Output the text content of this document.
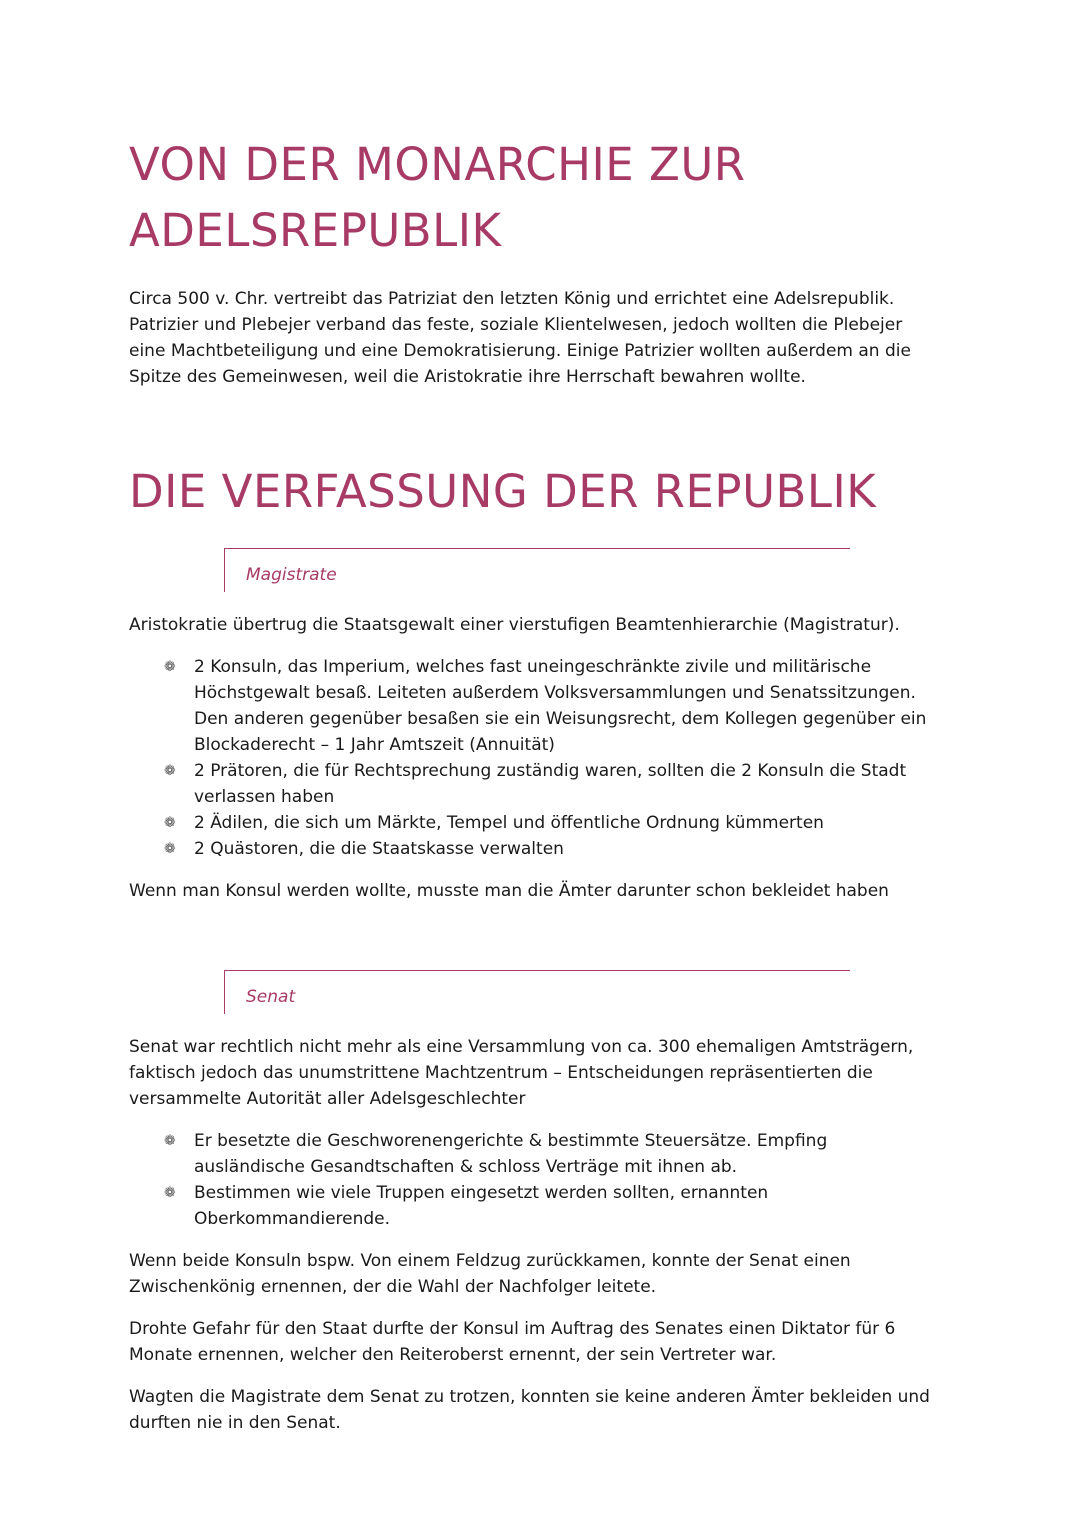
VON DER MONARCHIE ZUR ADELSREPUBLIK

Circa 500 v. Chr. vertreibt das Patriziat den letzten König und errichtet eine Adelsrepublik. Patrizier und Plebejer verband das feste, soziale Klientelwesen, jedoch wollten die Plebejer eine Machtbeteiligung und eine Demokratisierung. Einige Patrizier wollten außerdem an die Spitze des Gemeinwesen, weil die Aristokratie ihre Herrschaft bewahren wollte.

DIE VERFASSUNG DER REPUBLIK
Magistrate

Aristokratie übertrug die Staatsgewalt einer vierstufigen Beamtenhierarchie (Magistratur).

❁ 2 Konsuln, das Imperium, welches fast uneingeschränkte zivile und militärische Höchstgewalt besaß. Leiteten außerdem Volksversammlungen und Senatssitzungen. Den anderen gegenüber besaßen sie ein Weisungsrecht, dem Kollegen gegenüber ein Blockaderecht – 1 Jahr Amtszeit (Annuität)
❁ 2 Prätoren, die für Rechtsprechung zuständig waren, sollten die 2 Konsuln die Stadt verlassen haben
❁ 2 Ädilen, die sich um Märkte, Tempel und öffentliche Ordnung kümmerten
❁ 2 Quästoren, die die Staatskasse verwalten

Wenn man Konsul werden wollte, musste man die Ämter darunter schon bekleidet haben

Senat

Senat war rechtlich nicht mehr als eine Versammlung von ca. 300 ehemaligen Amtsträgern, faktisch jedoch das unumstrittene Machtzentrum – Entscheidungen repräsentierten die versammelte Autorität aller Adelsgeschlechter

❁ Er besetzte die Geschworenengerichte & bestimmte Steuersätze. Empfing ausländische Gesandtschaften & schloss Verträge mit ihnen ab.
❁ Bestimmen wie viele Truppen eingesetzt werden sollten, ernannten Oberkommandierende.

Wenn beide Konsuln bspw. Von einem Feldzug zurückkamen, konnte der Senat einen Zwischenkönig ernennen, der die Wahl der Nachfolger leitete.

Drohte Gefahr für den Staat durfte der Konsul im Auftrag des Senates einen Diktator für 6 Monate ernennen, welcher den Reiteroberst ernennt, der sein Vertreter war.

Wagten die Magistrate dem Senat zu trotzen, konnten sie keine anderen Ämter bekleiden und durften nie in den Senat.
